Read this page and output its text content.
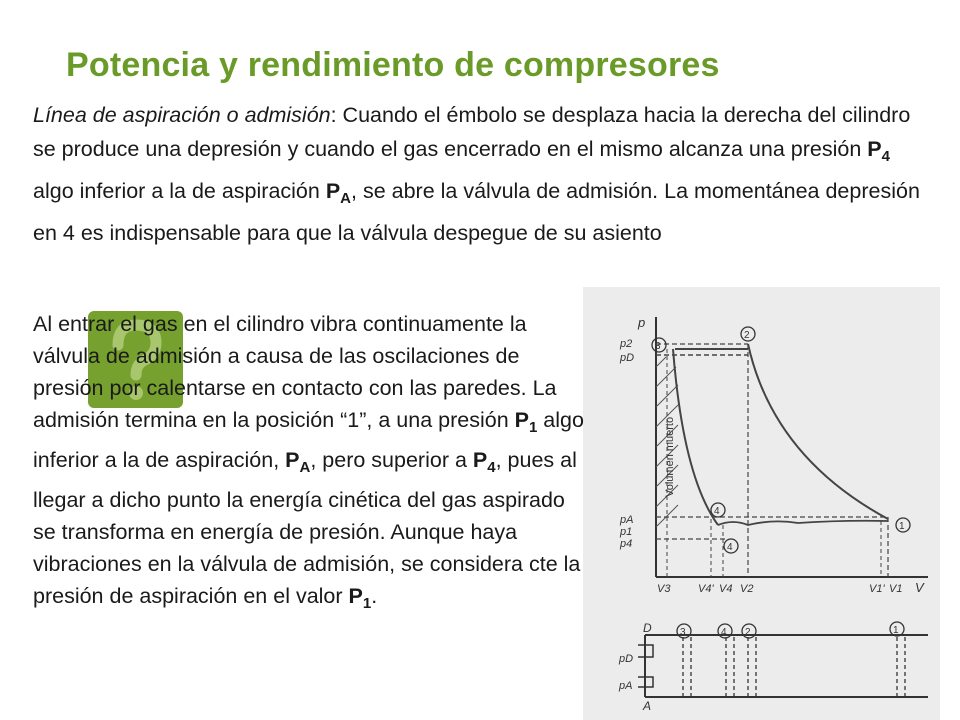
Potencia y rendimiento de compresores
Línea de aspiración o admisión: Cuando el émbolo se desplaza hacia la derecha del cilindro se produce una depresión y cuando el gas encerrado en el mismo alcanza una presión $P_4$ algo inferior a la de aspiración $P_A$, se abre la válvula de admisión. La momentánea depresión en 4 es indispensable para que la válvula despegue de su asiento
Al entrar el gas en el cilindro vibra continuamente la válvula de admisión a causa de las oscilaciones de presión por calentarse en contacto con las paredes. La admisión termina en la posición “1”, a una presión $P_1$ algo inferior a la de aspiración, $P_A$, pero superior a $P_4$, pues al llegar a dicho punto la energía cinética del gas aspirado se transforma en energía de presión. Aunque haya vibraciones en la válvula de admisión, se considera cte la presión de aspiración en el valor $P_1$.
p
V
p2
pD
pA
p1
p4
Volumen muerto
3
2
4
4
1
V3	V4' V4 V2	V1' V1
D
A
pD
pA
3	4 2	1
